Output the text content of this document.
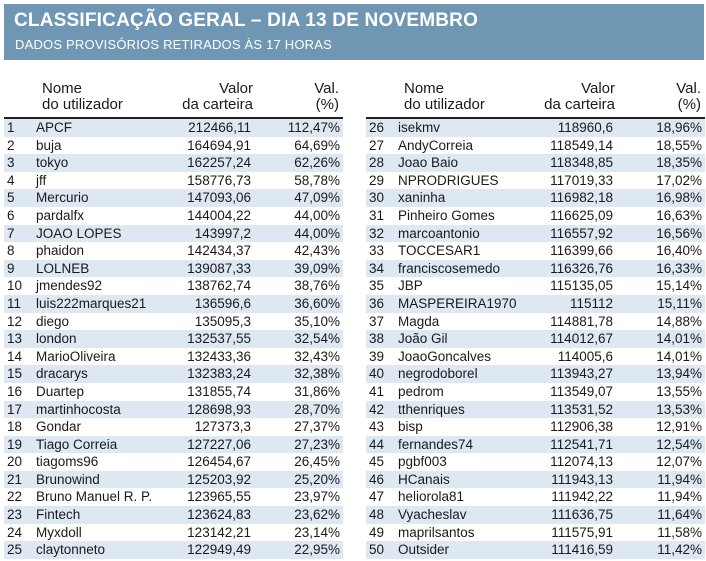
CLASSIFICAÇÃO GERAL – DIA 13 DE NOVEMBRO
DADOS PROVISÓRIOS RETIRADOS ÀS 17 HORAS
Nome
do utilizador
Valor
da carteira
Val.
(%)
1 APCF	212466,11	112,47%
2 buja	164694,91	64,69%
3 tokyo	162257,24	62,26%
4 jff	158776,73	58,78%
5 Mercurio	147093,06	47,09%
6 pardalfx	144004,22	44,00%
7 JOAO LOPES	143997,2	44,00%
8 phaidon	142434,37	42,43%
9 LOLNEB	139087,33	39,09%
10 jmendes92	138762,74	38,76%
11 luis222marques21	136596,6	36,60%
12 diego	135095,3	35,10%
13 london	132537,55	32,54%
14 MarioOliveira	132433,36	32,43%
15 dracarys	132383,24	32,38%
16 Duartep	131855,74	31,86%
17 martinhocosta	128698,93	28,70%
18 Gondar	127373,3	27,37%
19 Tiago Correia	127227,06	27,23%
20 tiagoms96	126454,67	26,45%
21 Brunowind	125203,92	25,20%
22 Bruno Manuel R. P.	123965,55	23,97%
23 Fintech	123624,83	23,62%
24 Myxdoll	123142,21	23,14%
25 claytonneto	122949,49	22,95%
Nome
do utilizador
Valor
da carteira
Val.
(%)
26 isekmv	118960,6	18,96%
27 AndyCorreia	118549,14	18,55%
28 Joao Baio	118348,85	18,35%
29 NPRODRIGUES	117019,33	17,02%
30 xaninha	116982,18	16,98%
31 Pinheiro Gomes	116625,09	16,63%
32 marcoantonio	116557,92	16,56%
33 TOCCESAR1	116399,66	16,40%
34 franciscosemedo	116326,76	16,33%
35 JBP	115135,05	15,14%
36 MASPEREIRA1970	115112	15,11%
37 Magda	114881,78	14,88%
38 João Gil	114012,67	14,01%
39 JoaoGoncalves	114005,6	14,01%
40 negrodoborel	113943,27	13,94%
41 pedrom	113549,07	13,55%
42 tthenriques	113531,52	13,53%
43 bisp	112906,38	12,91%
44 fernandes74	112541,71	12,54%
45 pgbf003	112074,13	12,07%
46 HCanais	111943,13	11,94%
47 heliorola81	111942,22	11,94%
48 Vyacheslav	111636,75	11,64%
49 maprilsantos	111575,91	11,58%
50 Outsider	111416,59	11,42%
